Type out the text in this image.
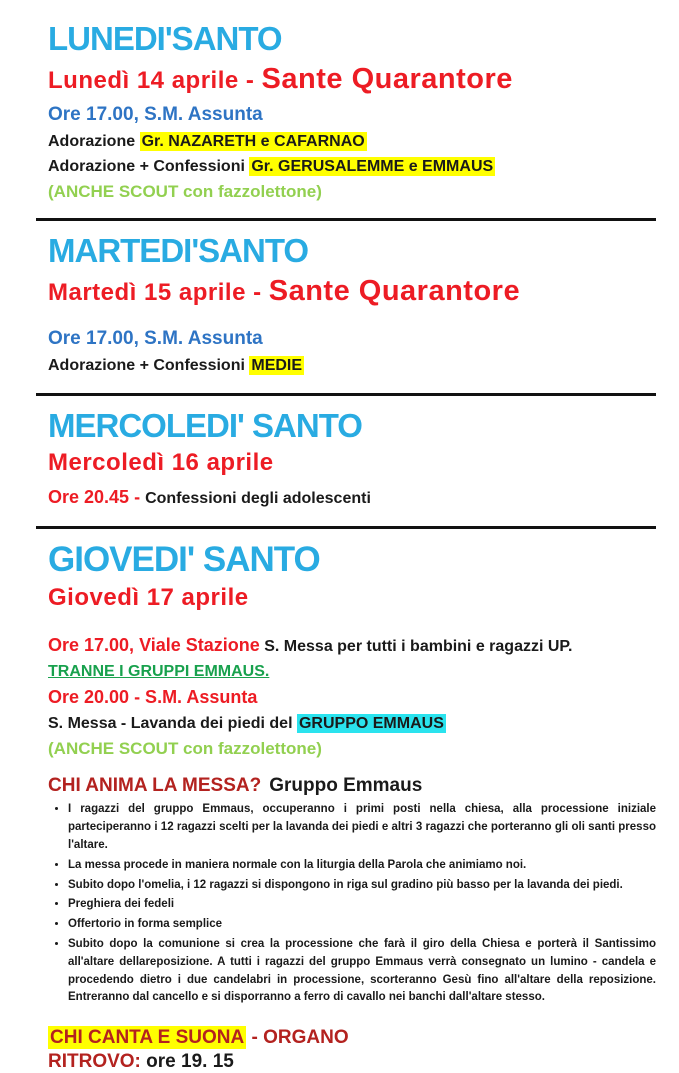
LUNEDI'SANTO
Lunedì 14 aprile - Sante Quarantore
Ore 17.00, S.M. Assunta
Adorazione Gr. NAZARETH e CAFARNAO
Adorazione + Confessioni Gr. GERUSALEMME e EMMAUS
(ANCHE SCOUT con fazzolettone)
MARTEDI'SANTO
Martedì 15 aprile - Sante Quarantore
Ore 17.00, S.M. Assunta
Adorazione + Confessioni MEDIE
MERCOLEDI' SANTO
Mercoledì 16 aprile
Ore 20.45 - Confessioni degli adolescenti
GIOVEDI' SANTO
Giovedì 17 aprile
Ore 17.00, Viale Stazione S. Messa per tutti i bambini e ragazzi UP.
TRANNE I GRUPPI EMMAUS.
Ore 20.00 - S.M. Assunta
S. Messa - Lavanda dei piedi del GRUPPO EMMAUS
(ANCHE SCOUT con fazzolettone)
CHI ANIMA LA MESSA? Gruppo Emmaus
• I ragazzi del gruppo Emmaus, occuperanno i primi posti nella chiesa, alla processione iniziale parteciperanno i 12 ragazzi scelti per la lavanda dei piedi e altri 3 ragazzi che porteranno gli oli santi presso l'altare.
• La messa procede in maniera normale con la liturgia della Parola che animiamo noi.
• Subito dopo l'omelia, i 12 ragazzi si dispongono in riga sul gradino più basso per la lavanda dei piedi.
• Preghiera dei fedeli
• Offertorio in forma semplice
• Subito dopo la comunione si crea la processione che farà il giro della Chiesa e porterà il Santissimo all'altare dellareposizione. A tutti i ragazzi del gruppo Emmaus verrà consegnato un lumino - candela e procedendo dietro i due candelabri in processione, scorteranno Gesù fino all'altare della reposizione. Entreranno dal cancello e si disporranno a ferro di cavallo nei banchi dall'altare stesso.
CHI CANTA E SUONA - ORGANO
RITROVO: ore 19. 15
